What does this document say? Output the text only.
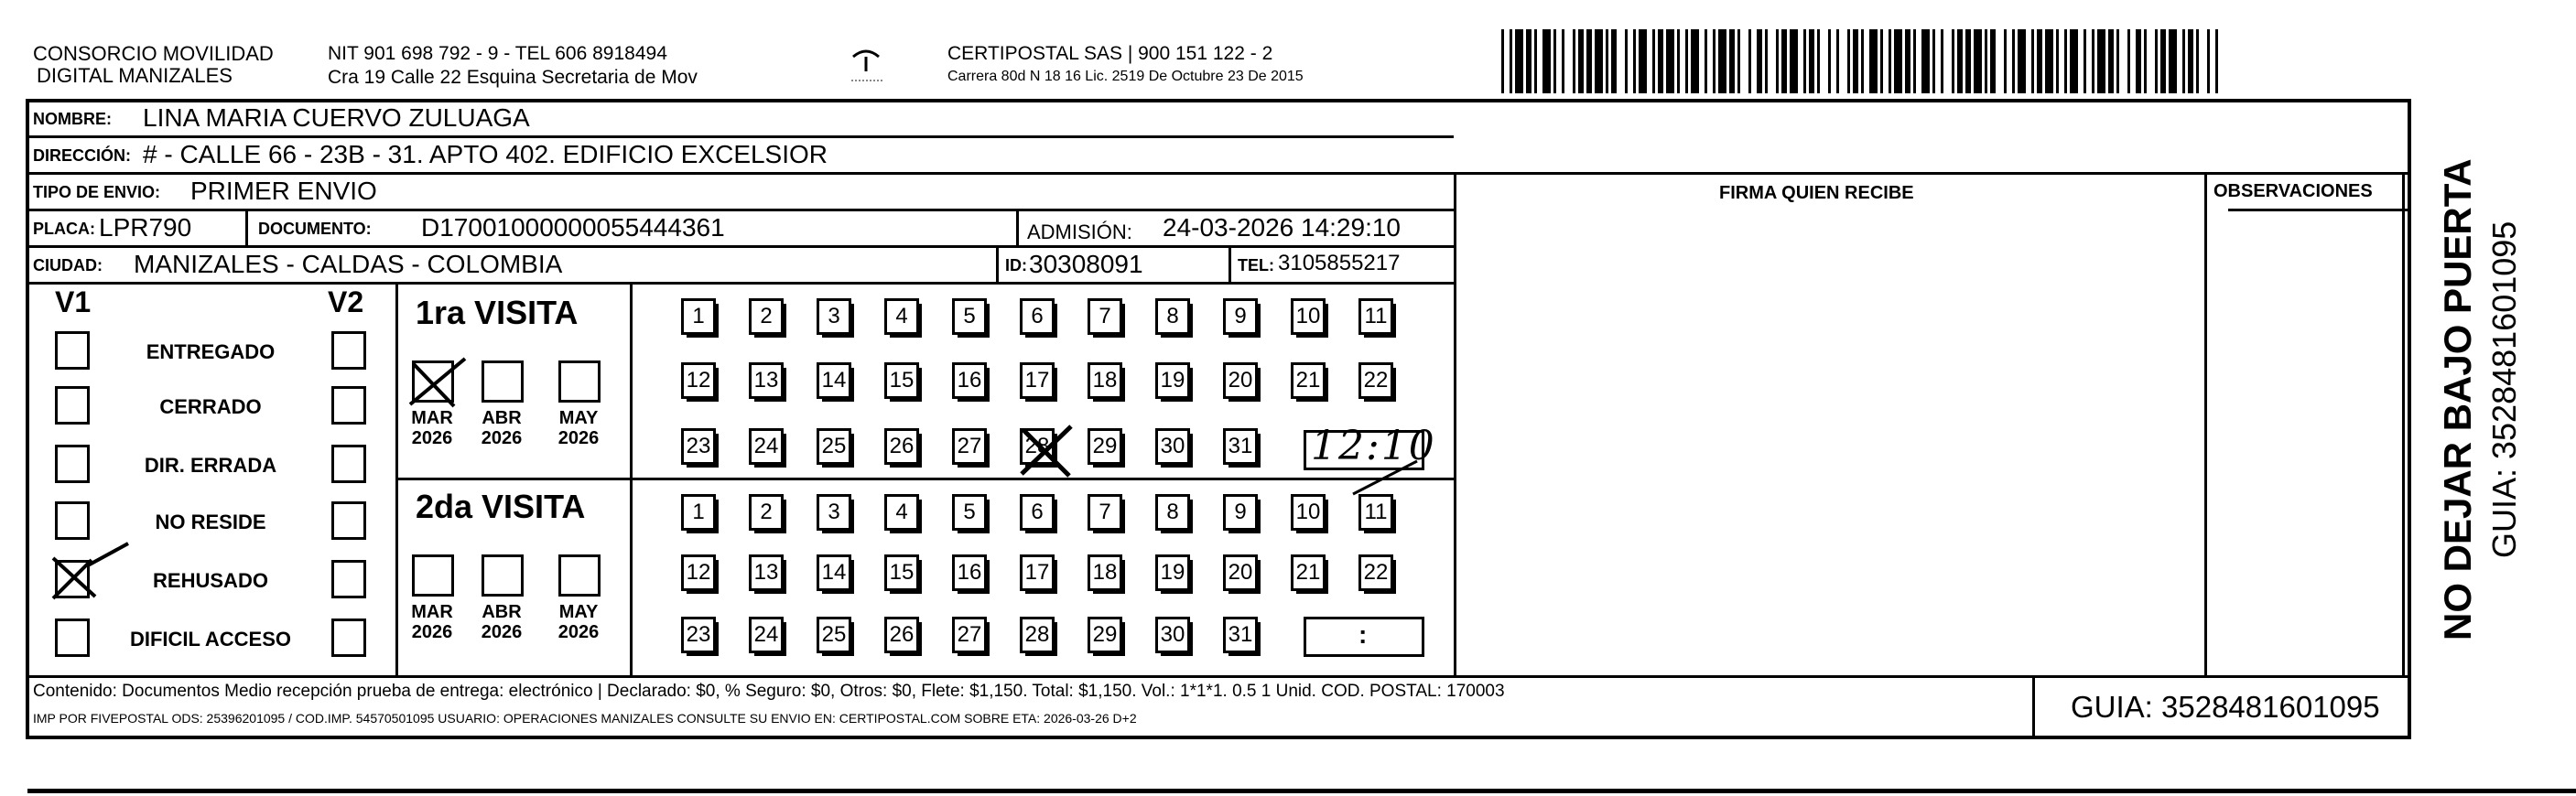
CONSORCIO MOVILIDAD
DIGITAL MANIZALES
NIT 901 698 792 - 9 - TEL 606 8918494
Cra 19 Calle 22 Esquina Secretaria de Mov
CERTIPOSTAL SAS | 900 151 122 - 2
Carrera 80d N 18 16 Lic. 2519 De Octubre 23 De 2015
NOMBRE: LINA MARIA CUERVO ZULUAGA
DIRECCIÓN: # - CALLE 66 - 23B - 31. APTO 402. EDIFICIO EXCELSIOR
TIPO DE ENVIO: PRIMER ENVIO	FIRMA QUIEN RECIBE	OBSERVACIONES
PLACA: LPR790	DOCUMENTO: D17001000000055444361	ADMISIÓN: 24-03-2026 14:29:10
CIUDAD: MANIZALES - CALDAS - COLOMBIA	ID: 30308091	TEL: 3105855217
V1	V2
ENTREGADO
CERRADO
DIR. ERRADA
NO RESIDE
REHUSADO
DIFICIL ACCESO
1ra VISITA
MAR
2026
ABR
2026
MAY
2026
1	2	3	4	5	6	7	8	9	10 11
12 13 14 15 16 17 18 19 20 21 22
23 24 25 26 27 28 29 30 31 12:10
2da VISITA
MAR
2026
ABR
2026
MAY
2026
1	2	3	4	5	6	7	8	9	10 11
12 13 14 15 16 17 18 19 20 21 22
23 24 25 26 27 28 29 30 31	:
Contenido: Documentos Medio recepción prueba de entrega: electrónico | Declarado: $0, % Seguro: $0, Otros: $0, Flete: $1,150. Total: $1,150. Vol.: 1*1*1. 0.5 1 Unid. COD. POSTAL: 170003
IMP POR FIVEPOSTAL ODS: 25396201095 / COD.IMP. 54570501095 USUARIO: OPERACIONES MANIZALES CONSULTE SU ENVIO EN: CERTIPOSTAL.COM SOBRE ETA: 2026-03-26 D+2	GUIA: 3528481601095
NO DEJAR BAJO PUERTA GUIA: 3528481601095
